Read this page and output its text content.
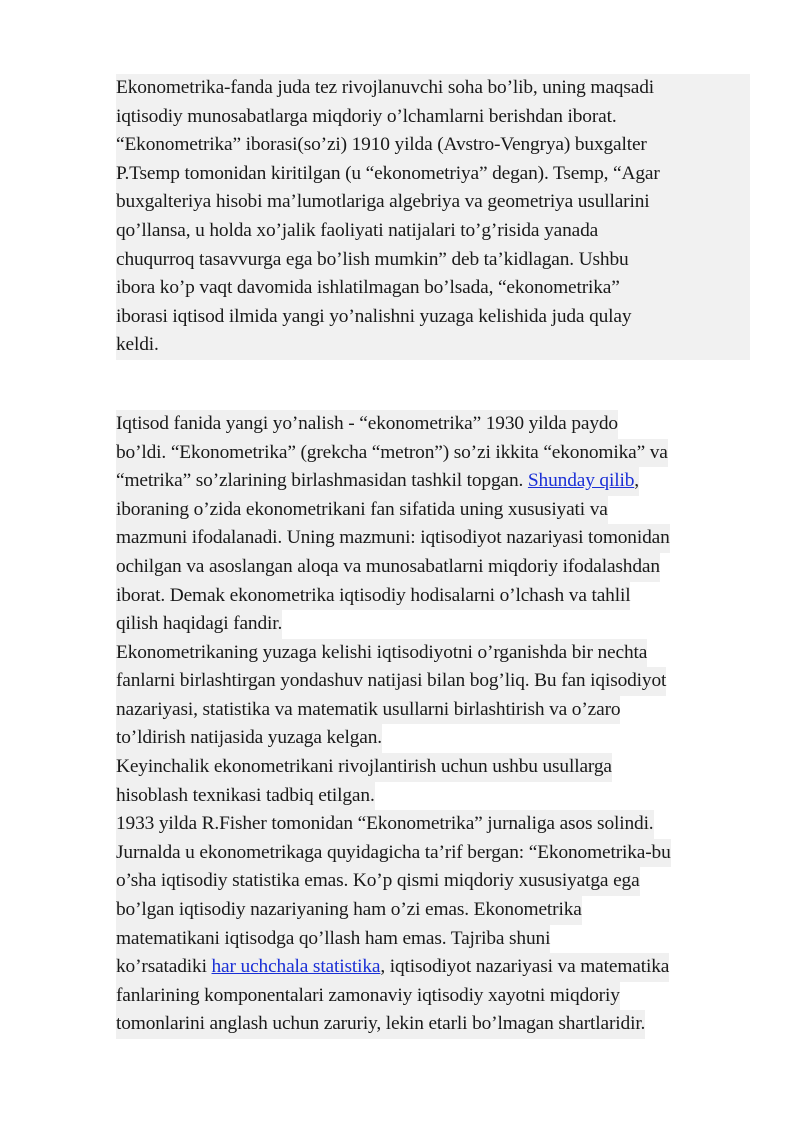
Ekonometrika-fanda juda tez rivojlanuvchi soha bo’lib, uning maqsadi
iqtisodiy munosabatlarga miqdoriy o’lchamlarni berishdan iborat.
“Ekonometrika” iborasi(so’zi) 1910 yilda (Avstro-Vengrya) buxgalter
P.Tsemp tomonidan kiritilgan (u “ekonometriya” degan). Tsemp, “Agar
buxgalteriya hisobi ma’lumotlariga algebriya va geometriya usullarini
qo’llansa, u holda xo’jalik faoliyati natijalari to’g’risida yanada
chuqurroq tasavvurga ega bo’lish mumkin” deb ta’kidlagan. Ushbu
ibora ko’p vaqt davomida ishlatilmagan bo’lsada, “ekonometrika”
iborasi iqtisod ilmida yangi yo’nalishni yuzaga kelishida juda qulay
keldi.
Iqtisod fanida yangi yo’nalish - “ekonometrika” 1930 yilda paydo
bo’ldi. “Ekonometrika” (grekcha “metron”) so’zi ikkita “ekonomika” va
“metrika” so’zlarining birlashmasidan tashkil topgan. Shunday qilib,
iboraning o’zida ekonometrikani fan sifatida uning xususiyati va
mazmuni ifodalanadi. Uning mazmuni: iqtisodiyot nazariyasi tomonidan
ochilgan va asoslangan aloqa va munosabatlarni miqdoriy ifodalashdan
iborat. Demak ekonometrika iqtisodiy hodisalarni o’lchash va tahlil
qilish haqidagi fandir.
Ekonometrikaning yuzaga kelishi iqtisodiyotni o’rganishda bir nechta
fanlarni birlashtirgan yondashuv natijasi bilan bog’liq. Bu fan iqisodiyot
nazariyasi, statistika va matematik usullarni birlashtirish va o’zaro
to’ldirish natijasida yuzaga kelgan.
Keyinchalik ekonometrikani rivojlantirish uchun ushbu usullarga
hisoblash texnikasi tadbiq etilgan.
1933 yilda R.Fisher tomonidan “Ekonometrika” jurnaliga asos solindi.
Jurnalda u ekonometrikaga quyidagicha ta’rif bergan: “Ekonometrika-bu
o’sha iqtisodiy statistika emas. Ko’p qismi miqdoriy xususiyatga ega
bo’lgan iqtisodiy nazariyaning ham o’zi emas. Ekonometrika
matematikani iqtisodga qo’llash ham emas. Tajriba shuni
ko’rsatadiki har uchchala statistika, iqtisodiyot nazariyasi va matematika
fanlarining komponentalari zamonaviy iqtisodiy xayotni miqdoriy
tomonlarini anglash uchun zaruriy, lekin etarli bo’lmagan shartlaridir.
